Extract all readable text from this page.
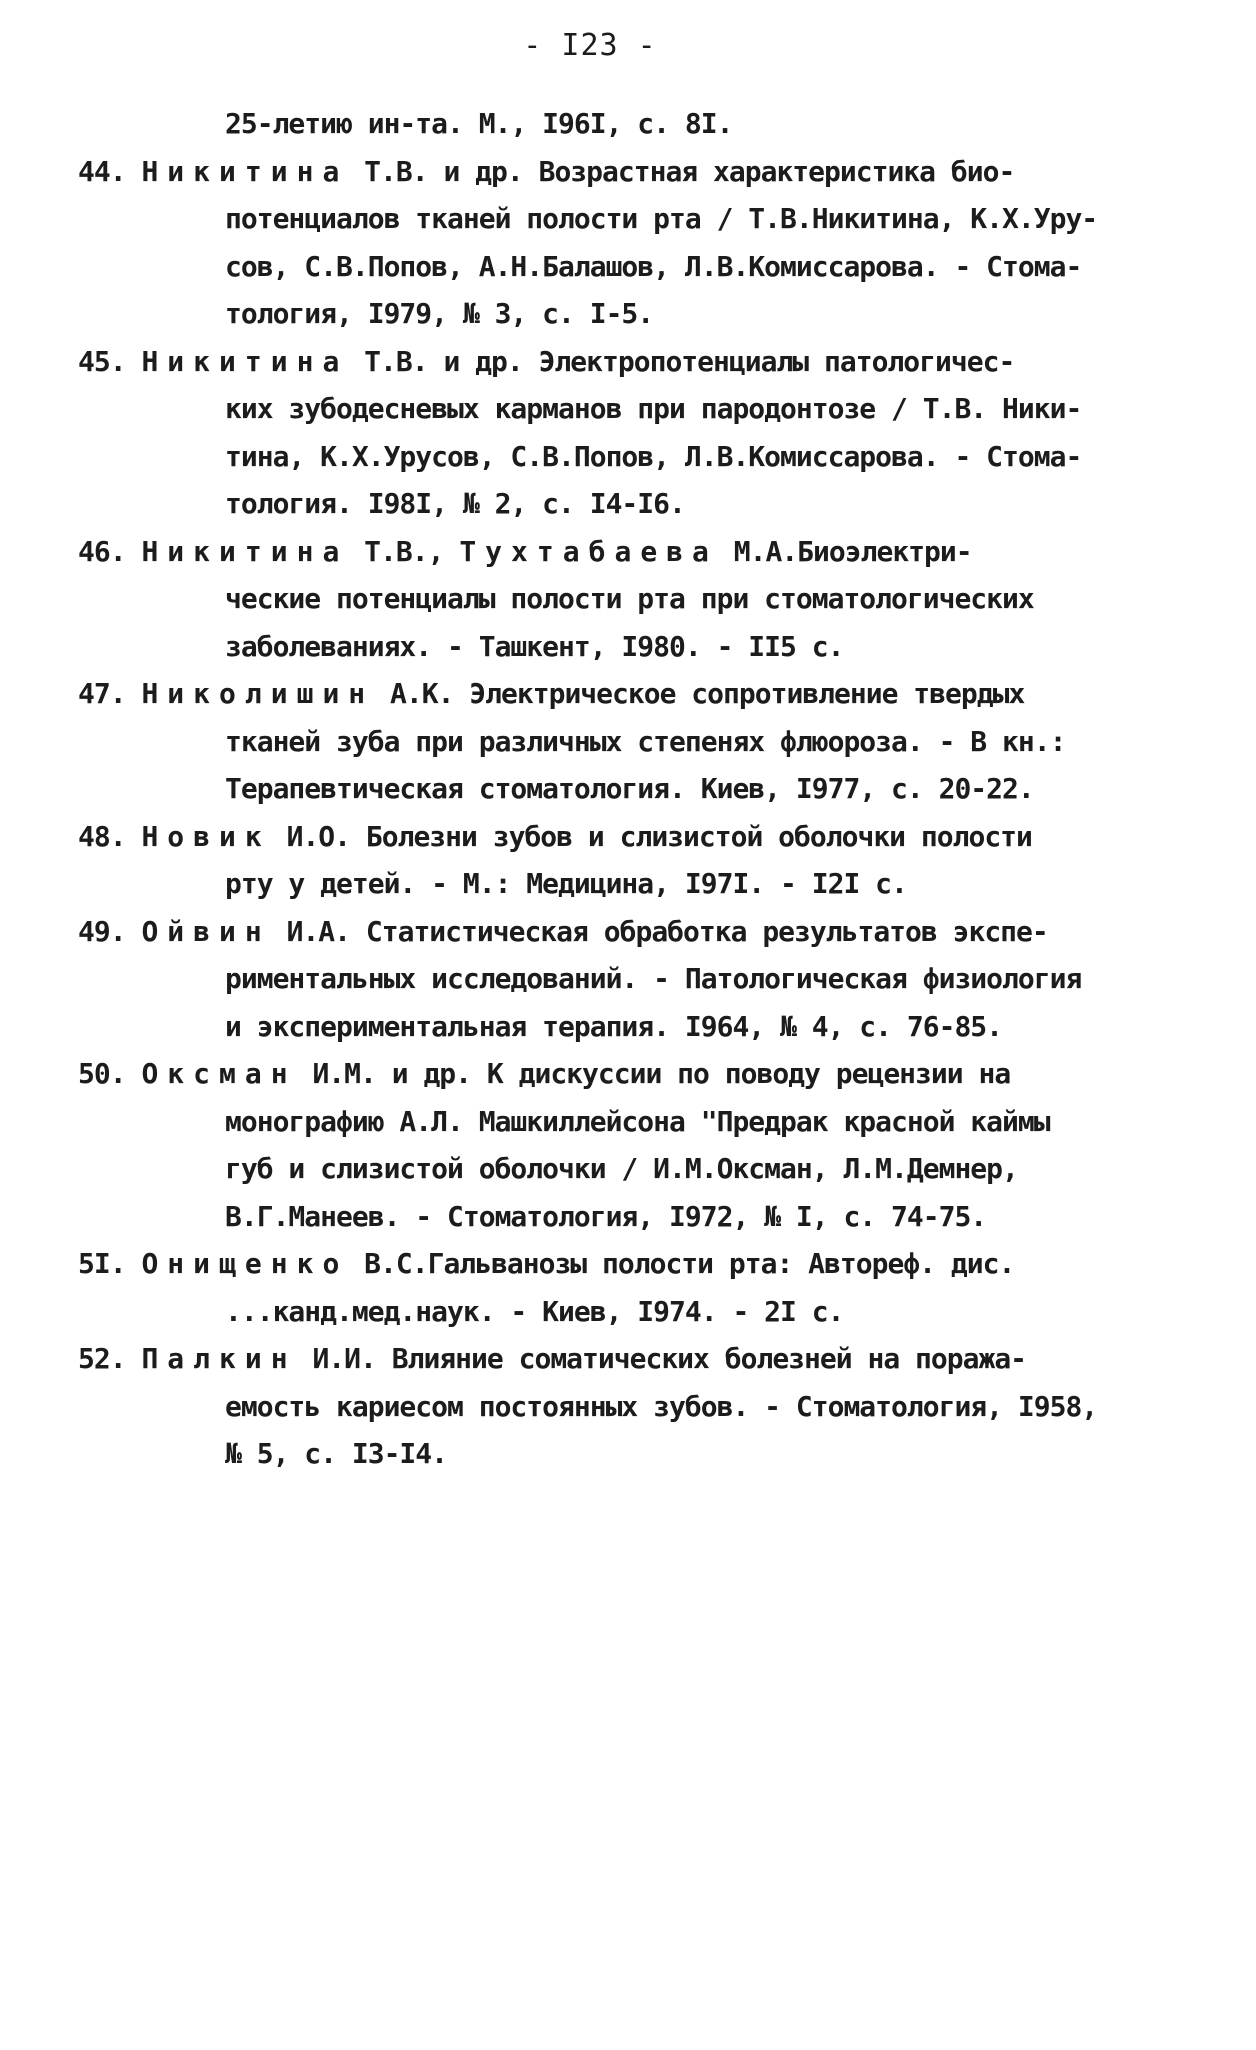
- I23 -
25-летию ин-та. М., I96I, с. 8I.
44. Никитина Т.В. и др. Возрастная характеристика био-
потенциалов тканей полости рта / Т.В.Никитина, К.Х.Уру-
сов, С.В.Попов, А.Н.Балашов, Л.В.Комиссарова. - Стома-
тология, I979, № 3, с. I-5.
45. Никитина Т.В. и др. Электропотенциалы патологичес-
ких зубодесневых карманов при пародонтозе / Т.В. Ники-
тина, К.Х.Урусов, С.В.Попов, Л.В.Комиссарова. - Стома-
тология. I98I, № 2, с. I4-I6.
46. Никитина Т.В., Тухтабаева М.А.Биоэлектри-
ческие потенциалы полости рта при стоматологических
заболеваниях. - Ташкент, I980. - II5 с.
47. Николишин А.К. Электрическое сопротивление твердых
тканей зуба при различных степенях флюороза. - В кн.:
Терапевтическая стоматология. Киев, I977, с. 20-22.
48. Новик И.О. Болезни зубов и слизистой оболочки полости
рту у детей. - М.: Медицина, I97I. - I2I с.
49. Ойвин И.А. Статистическая обработка результатов экспе-
риментальных исследований. - Патологическая физиология
и экспериментальная терапия. I964, № 4, с. 76-85.
50. Оксман И.М. и др. К дискуссии по поводу рецензии на
монографию А.Л. Машкиллейсона "Предрак красной каймы
губ и слизистой оболочки / И.М.Оксман, Л.М.Демнер,
В.Г.Манеев. - Стоматология, I972, № I, с. 74-75.
5I. Онищенко В.С.Гальванозы полости рта: Автореф. дис.
...канд.мед.наук. - Киев, I974. - 2I с.
52. Палкин И.И. Влияние соматических болезней на поража-
емость кариесом постоянных зубов. - Стоматология, I958,
№ 5, с. I3-I4.
